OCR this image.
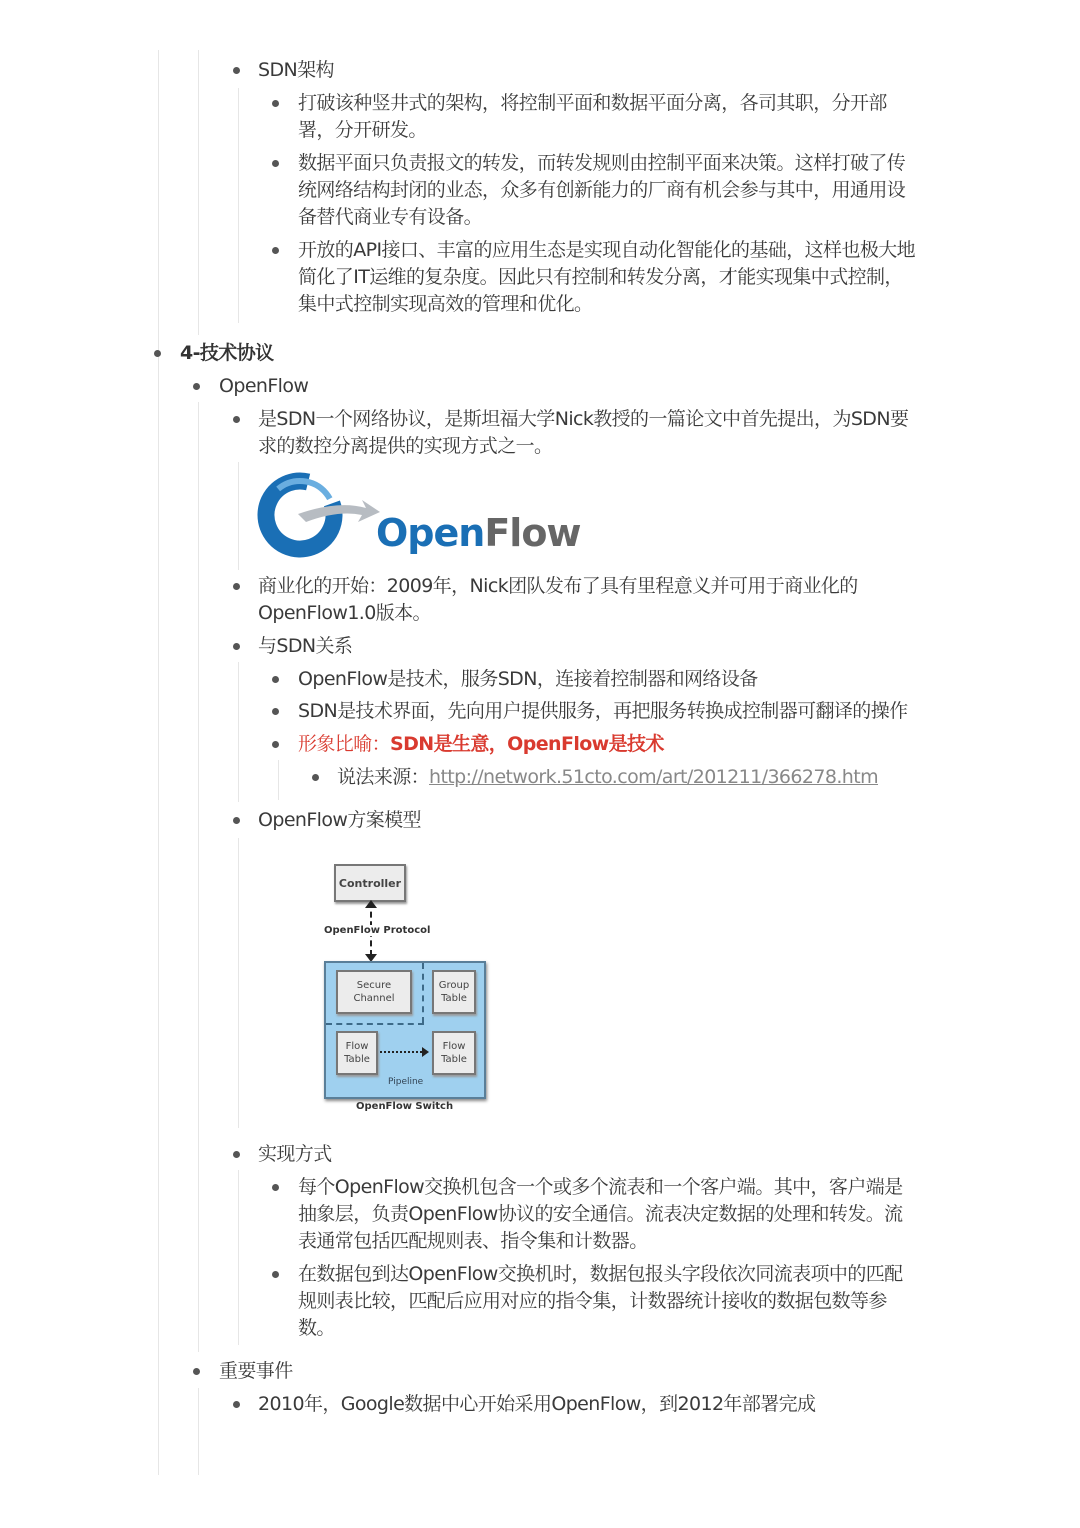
SDN架构
打破该种竖井式的架构，将控制平面和数据平面分离，各司其职，分开部
署，分开研发。
数据平面只负责报文的转发，而转发规则由控制平面来决策。这样打破了传
统网络结构封闭的业态，众多有创新能力的厂商有机会参与其中，用通用设
备替代商业专有设备。
开放的API接口、丰富的应用生态是实现自动化智能化的基础，这样也极大地
简化了IT运维的复杂度。因此只有控制和转发分离，才能实现集中式控制，
集中式控制实现高效的管理和优化。
4-技术协议
OpenFlow
是SDN一个网络协议，是斯坦福大学Nick教授的一篇论文中首先提出，为SDN要
求的数控分离提供的实现方式之一。
OpenFlow
商业化的开始：2009年，Nick团队发布了具有里程意义并可用于商业化的
OpenFlow1.0版本。
与SDN关系
OpenFlow是技术，服务SDN，连接着控制器和网络设备
SDN是技术界面，先向用户提供服务，再把服务转换成控制器可翻译的操作
形象比喻：SDN是生意，OpenFlow是技术
说法来源：http://network.51cto.com/art/201211/366278.htm
OpenFlow方案模型
Controller
OpenFlow Protocol
Secure
Channel
Group
Table
Flow
Table
Flow
Table
Pipeline
OpenFlow Switch
实现方式
每个OpenFlow交换机包含一个或多个流表和一个客户端。其中，客户端是
抽象层，负责OpenFlow协议的安全通信。流表决定数据的处理和转发。流
表通常包括匹配规则表、指令集和计数器。
在数据包到达OpenFlow交换机时，数据包报头字段依次同流表项中的匹配
规则表比较，匹配后应用对应的指令集，计数器统计接收的数据包数等参
数。
重要事件
2010年，Google数据中心开始采用OpenFlow，到2012年部署完成
